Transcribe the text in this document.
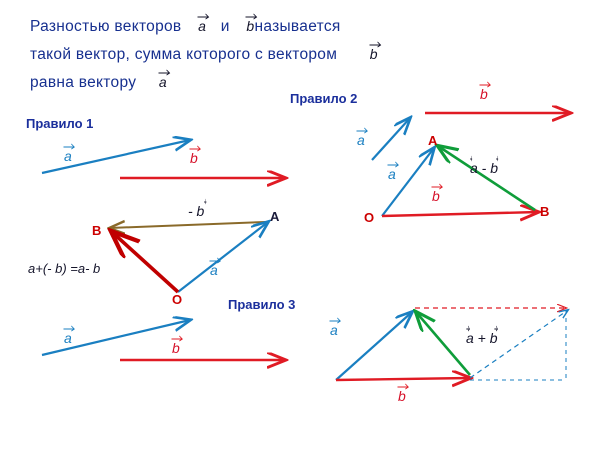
Разностью векторов a и bназывается
такой вектор, сумма которого с вектором b
равна вектору a
Правило 1
Правило 2
Правило 3
a	b
- b	A
B
O
a+(- b) =a- b	a
a
b
a
b
a - b
A
B
O
a
b
a
b
a + b
